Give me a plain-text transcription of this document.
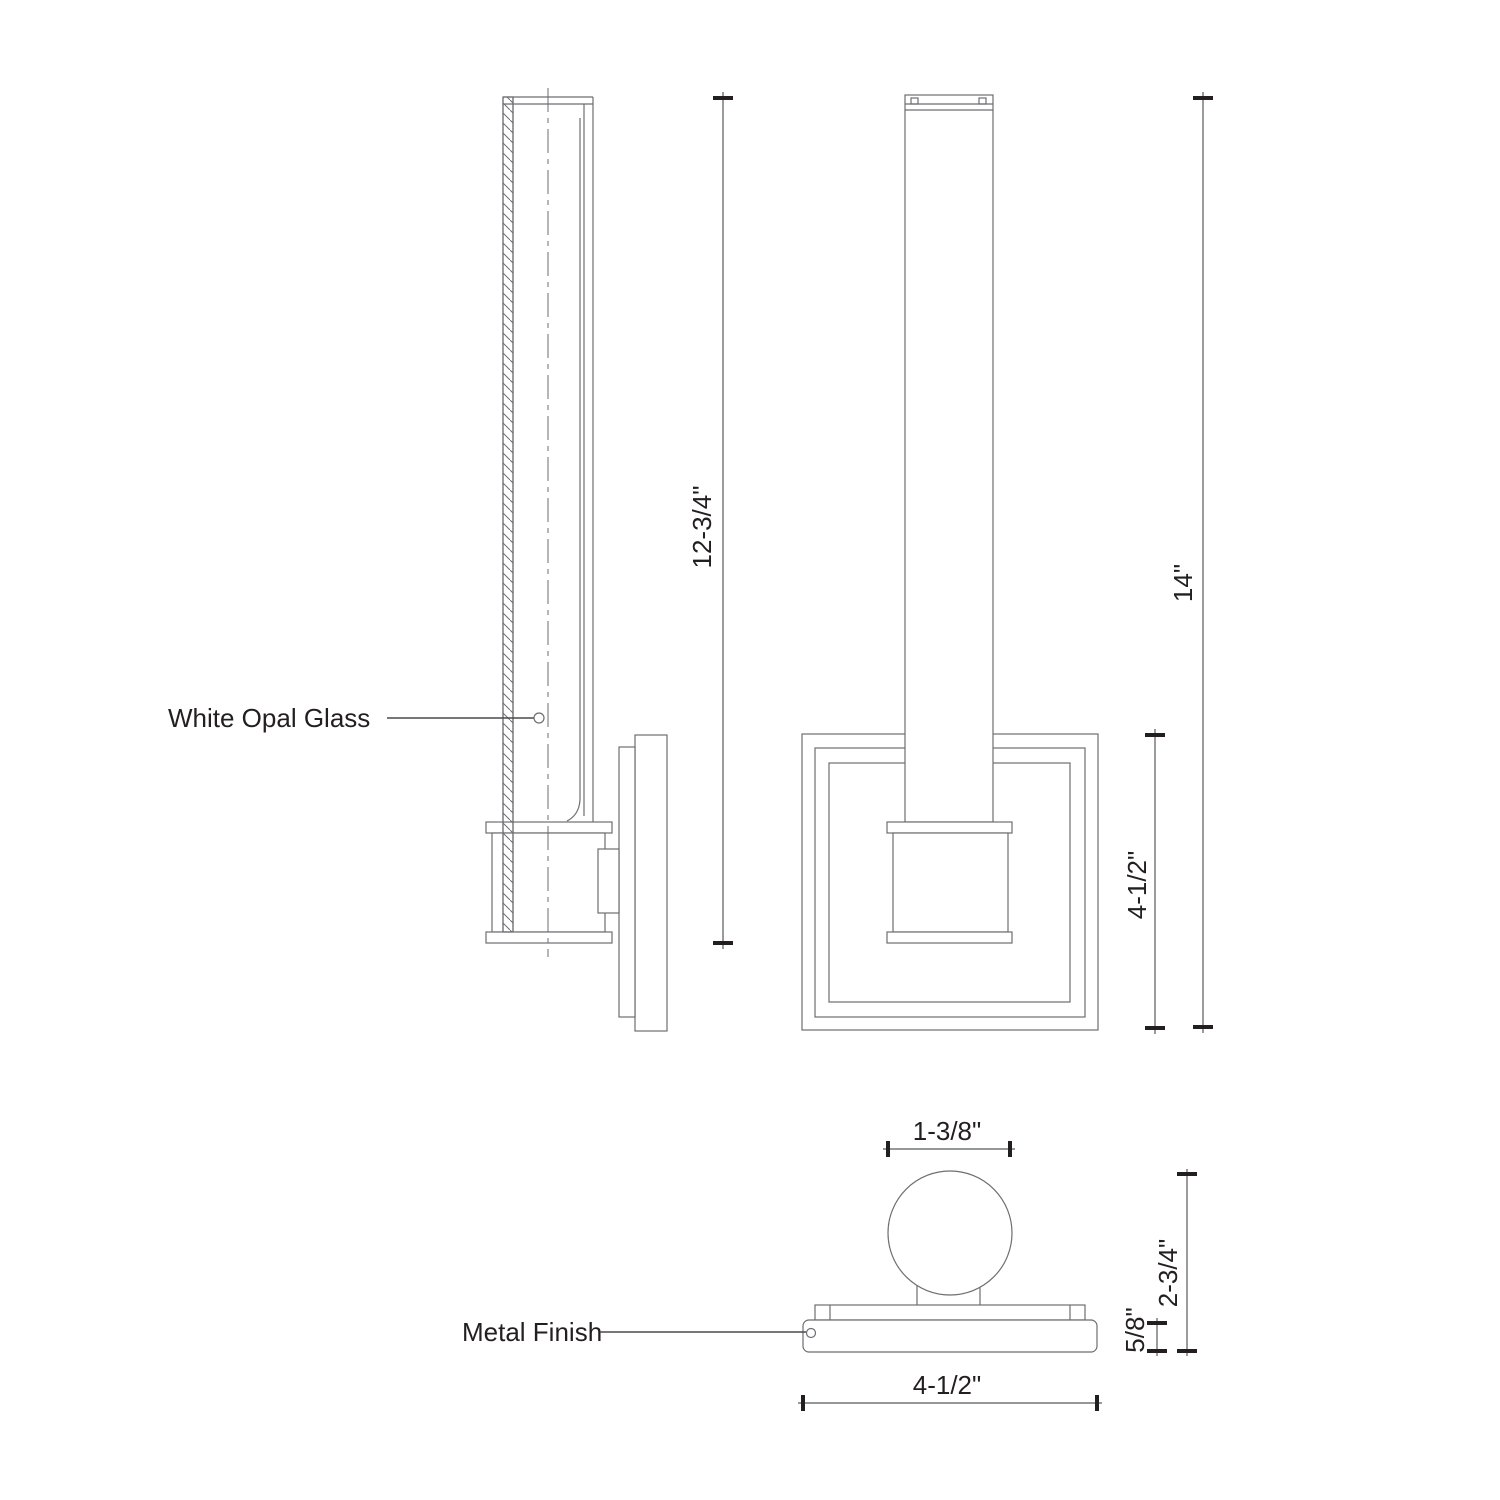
12-3/4"
14"
4-1/2"
1-3/8"
5/8"
2-3/4"
4-1/2"
White Opal Glass
Metal Finish
